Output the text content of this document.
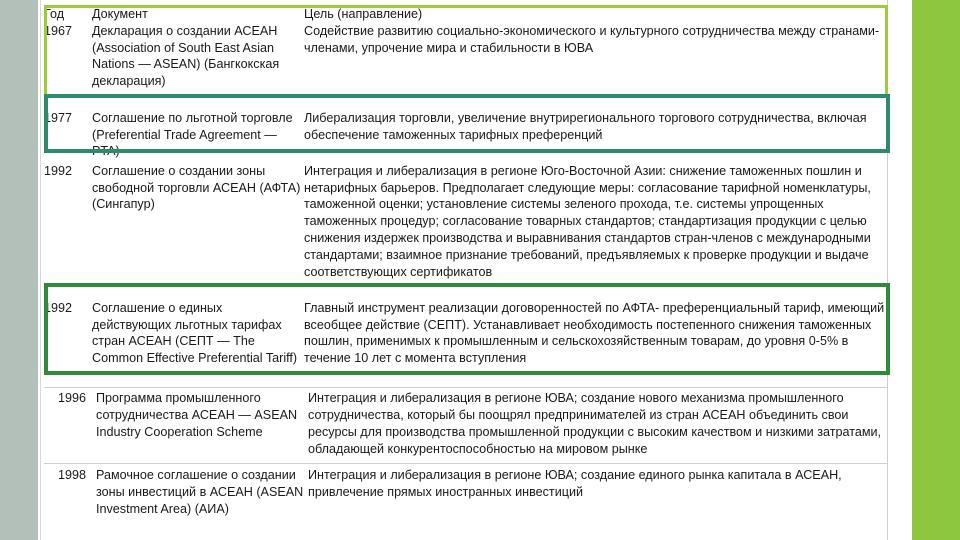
Год	Документ	Цель (направление)
1967	Декларация о создании АСЕАН (Association of South East Asian Nations — ASEAN) (Бангкокская декларация)	Содействие развитию социально-экономического и культурного сотрудничества между странами-членами, упрочение мира и стабильности в ЮВА
1977	Соглашение по льготной торговле (Preferential Trade Agreement — PTA)	Либерализация торговли, увеличение внутрирегионального торгового сотрудничества, включая обеспечение таможенных тарифных преференций
1992	Соглашение о создании зоны свободной торговли АСЕАН (АФТА) (Сингапур)	Интеграция и либерализация в регионе Юго-Восточной Азии: снижение таможенных пошлин и нетарифных барьеров. Предполагает следующие меры: согласование тарифной номенклатуры, таможенной оценки; установление системы зеленого прохода, т.е. системы упрощенных таможенных процедур; согласование товарных стандартов; стандартизация продукции с целью снижения издержек производства и выравнивания стандартов стран-членов с международными стандартами; взаимное признание требований, предъявляемых к проверке продукции и выдаче соответствующих сертификатов
1992	Соглашение о единых действующих льготных тарифах стран АСЕАН (СЕПТ — The Common Effective Preferential Tariff)	Главный инструмент реализации договоренностей по АФТА- преференциальный тариф, имеющий всеобщее действие (СЕПТ). Устанавливает необходимость постепенного снижения таможенных пошлин, применимых к промышленным и сельскохозяйственным товарам, до уровня 0-5% в течение 10 лет с момента вступления
1996	Программа промышленного сотрудничества АСЕАН — ASEAN Industry Cooperation Scheme	Интеграция и либерализация в регионе ЮВА; создание нового механизма промышленного сотрудничества, который бы поощрял предпринимателей из стран АСЕАН объединить свои ресурсы для производства промышленной продукции с высоким качеством и низкими затратами, обладающей конкурентоспособностью на мировом рынке
1998	Рамочное соглашение о создании зоны инвестиций в АСЕАН (ASEAN Investment Area) (АИА)	Интеграция и либерализация в регионе ЮВА; создание единого рынка капитала в АСЕАН, привлечение прямых иностранных инвестиций
